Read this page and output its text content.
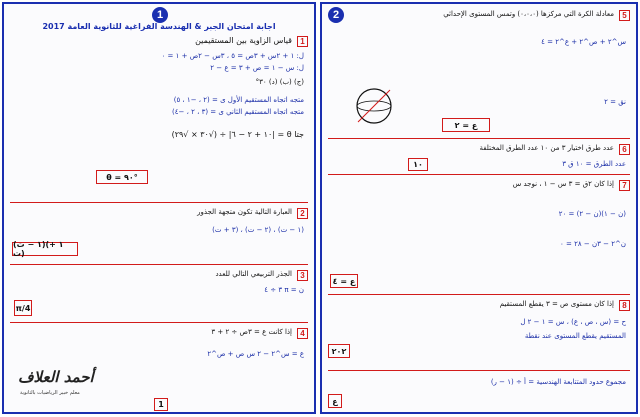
1
اجابة امتحان الجبر & الهندسة الفراغية للثانوية العامة 2017
1
قياس الزاوية بين المستقيمين
ل: ١ + ٢س + ٣ص = ٥ ، ٣س − ٢ص + ١ = ٠
ل: س − ١ = ص + ٣ = ع − ٢
(ج) (ب) (د) ٣٠°
متجه اتجاه المستقيم الأول ى = (٢ ، −١ ، ٥)
متجه اتجاه المستقيم الثاني ى = (٣ ، ٢ ، −٤)
جتا θ = |١٠ + ٢ − ٦| ÷ (√٣٠ × √٢٩)
θ = ٩٠°
2
العبارة التالية تكون متجهة الجذور
(١ − ت) ، (٢ − ت) ، (٣ + ت)
(١ − ت)(١ + ت)
3
الجذر التربيعي التالي للعدد
ن = π ٣ ÷ ٤
π/4
4
إذا كانت ع = ٣ص ÷ ٢ + ٣
ع = س^٢ − ٢ س ص + ص^٢
1
أحمد العلاف
معلم خبير الرياضيات بالثانوية
2	5
معادلة الكرة التي مركزها (٠،٠،٠) وتمس المستوى الإحداثي
س^٢ + ص^٢ + ع^٢ = ٤
نق = ٢
ع = ٢
6
عدد طرق اختيار ٣ من ١٠ عدد الطرق المختلفة
عدد الطرق = ١٠ ق ٣
١٠
7
إذا كان ٢ق = ٣ س − ١ ، نوجد س
(ن − ١)(ن − ٢) = ٢٠
ن^٢ − ٣ن − ٢٨ = ٠
ع = ٤
8
إذا كان مستوى ص = ٣ يقطع المستقيم
ح = (س ، ص ، ع) ، س = ١ − ٢ ل
المستقيم يقطع المستوى عند نقطة
٢٠٢
مجموع حدود المتتابعة الهندسية = أ ÷ (١ − ر)
ع
